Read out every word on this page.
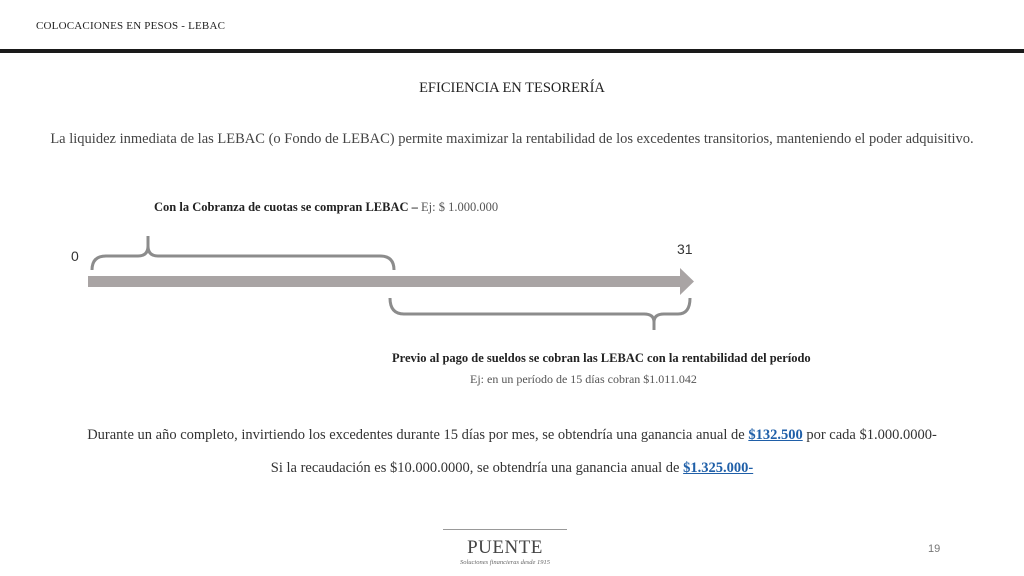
COLOCACIONES EN PESOS - LEBAC
EFICIENCIA EN TESORERÍA
La liquidez inmediata de las LEBAC (o Fondo de LEBAC) permite maximizar la rentabilidad de los excedentes transitorios, manteniendo el poder adquisitivo.
Con la Cobranza de cuotas se compran LEBAC – Ej: $ 1.000.000
0	31
Previo al pago de sueldos se cobran las LEBAC con la rentabilidad del período
Ej: en un período de 15 días cobran $1.011.042
Durante un año completo, invirtiendo los excedentes durante 15 días por mes, se obtendría una ganancia anual de $132.500 por cada $1.000.0000-
Si la recaudación es $10.000.0000, se obtendría una ganancia anual de $1.325.000-
PUENTE
Soluciones financieras desde 1915
19
